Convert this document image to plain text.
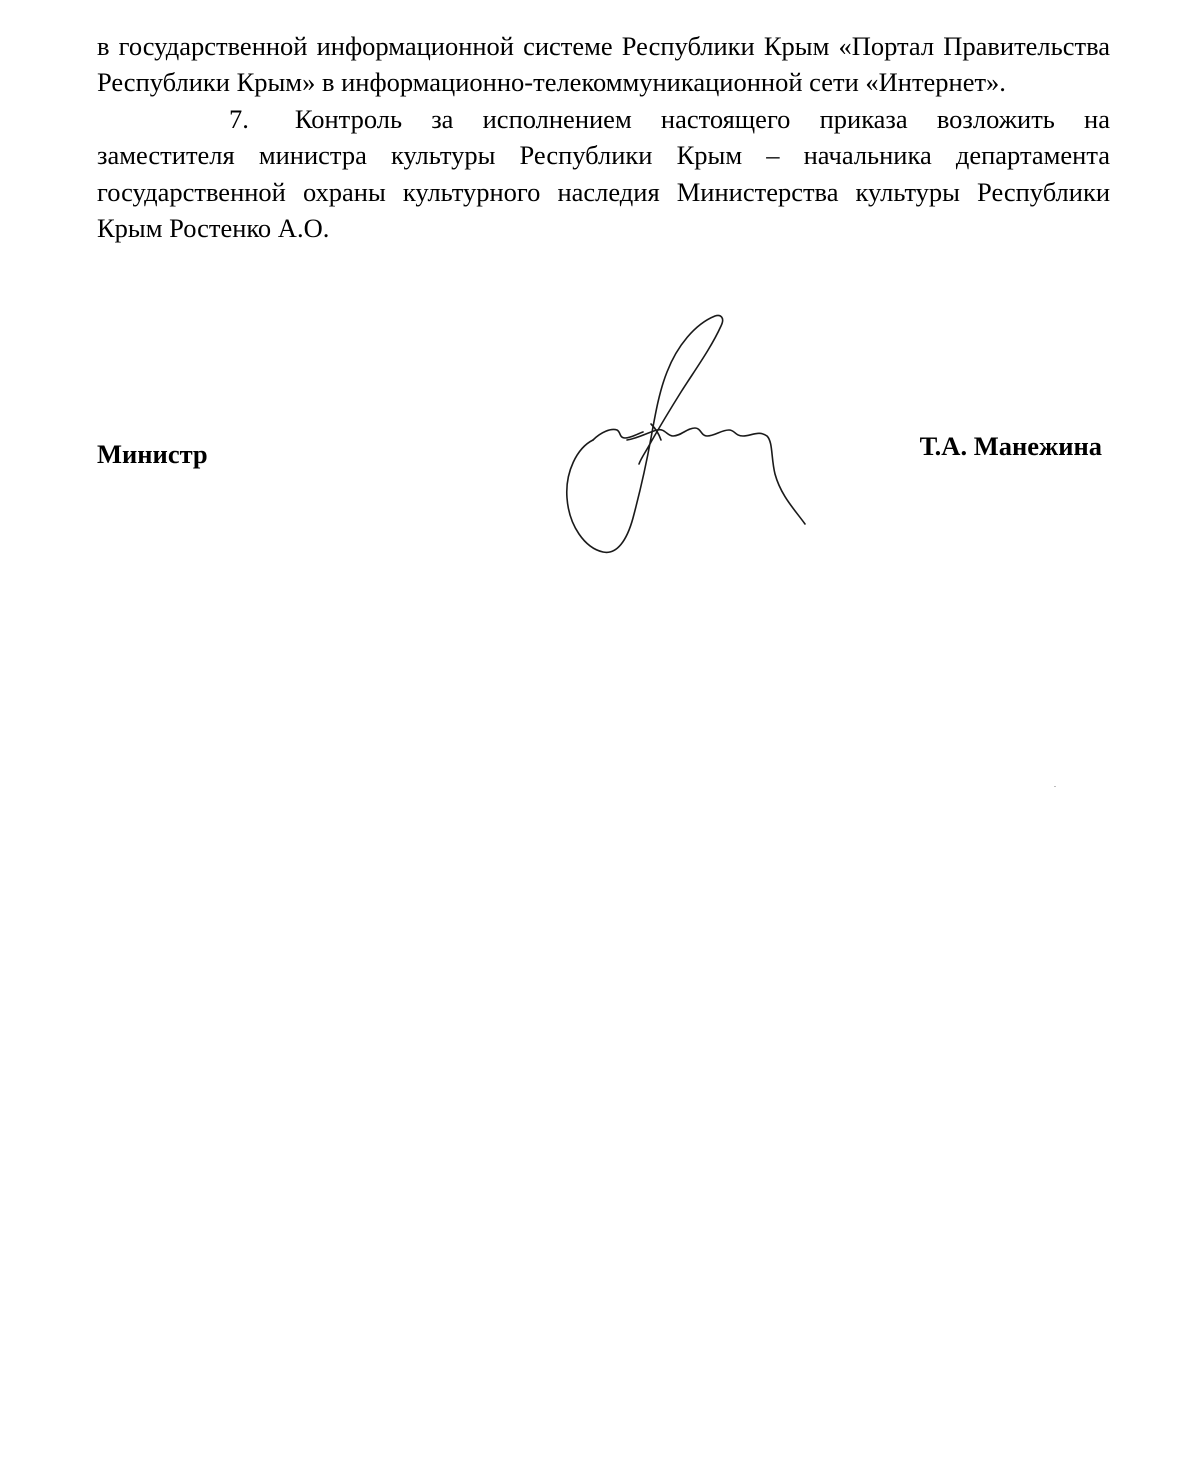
в государственной информационной системе Республики Крым «Портал Правительства Республики Крым» в информационно-телекоммуникационной сети «Интернет».

7. Контроль за исполнением настоящего приказа возложить на заместителя министра культуры Республики Крым – начальника департамента государственной охраны культурного наследия Министерства культуры Республики Крым Ростенко А.О.

Министр	Т.А. Манежина
